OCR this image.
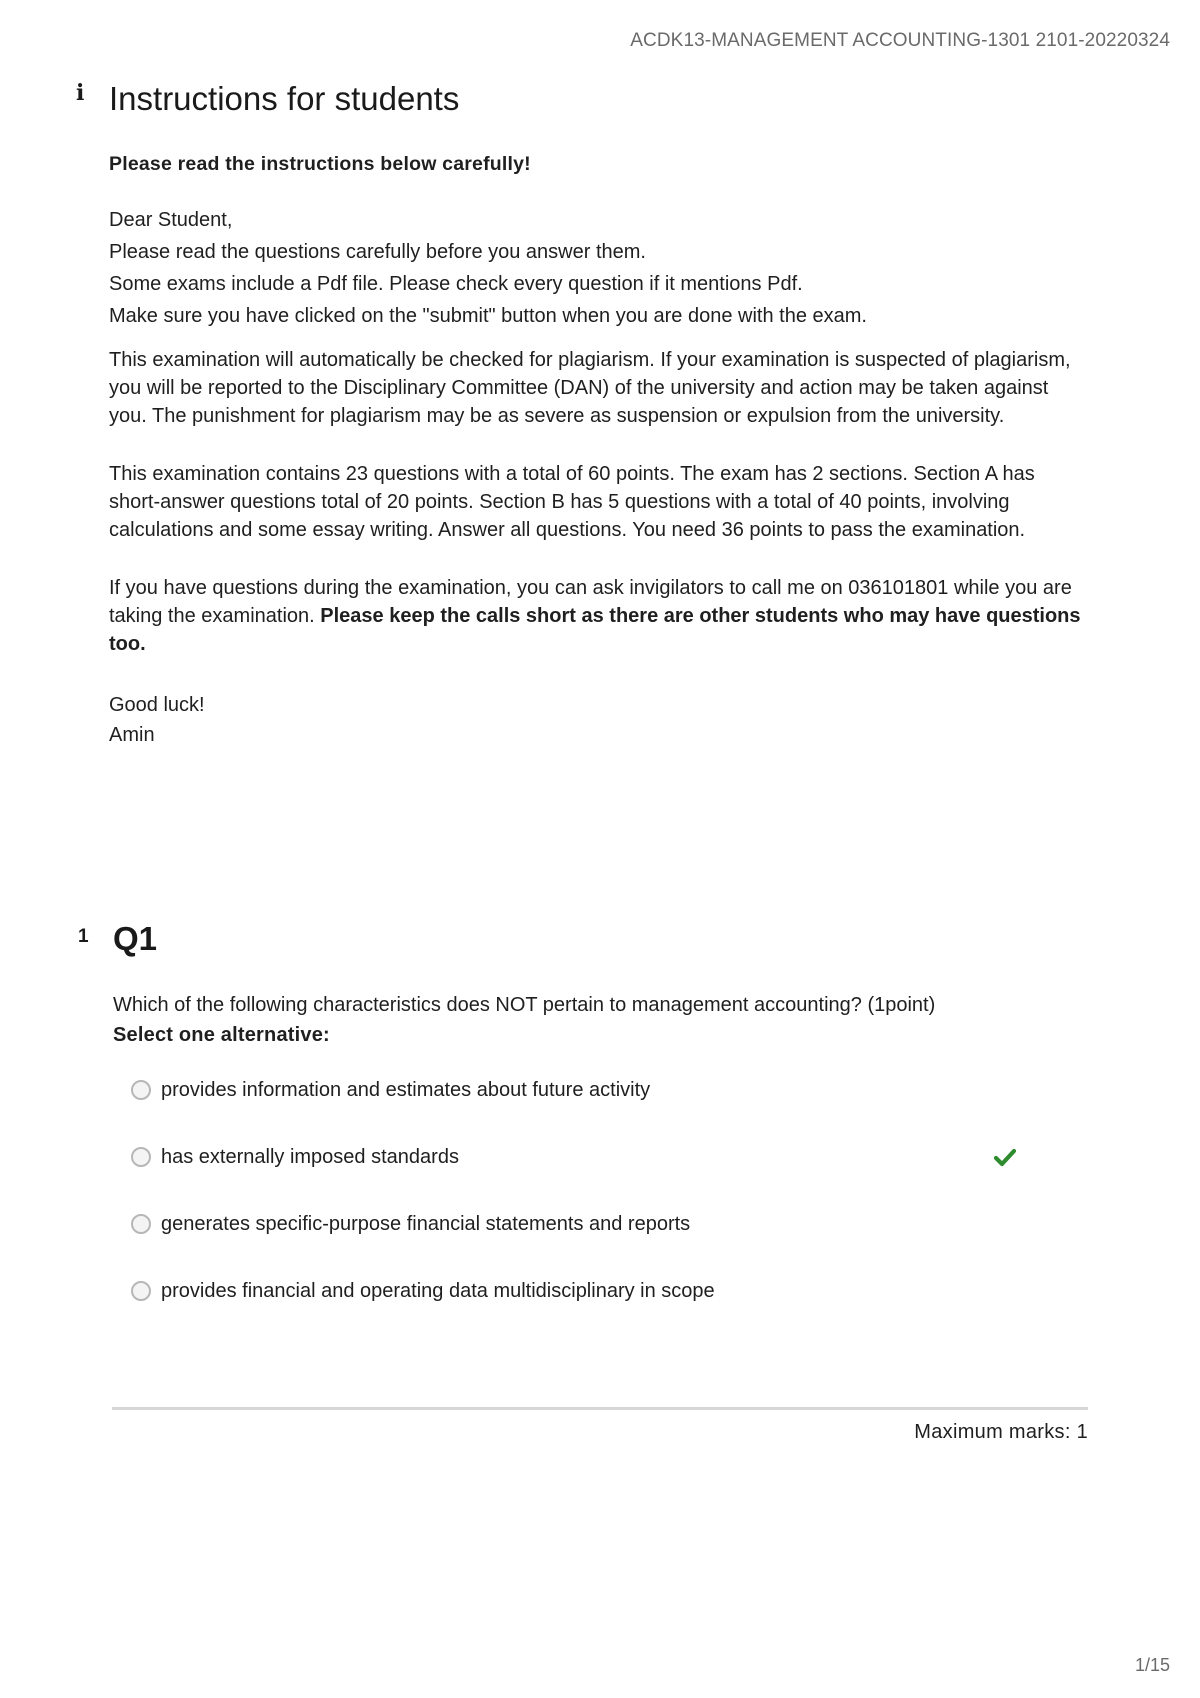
ACDK13-MANAGEMENT ACCOUNTING-1301 2101-20220324
i Instructions for students
Please read the instructions below carefully!
Dear Student,
Please read the questions carefully before you answer them.
Some exams include a Pdf file. Please check every question if it mentions Pdf.
Make sure you have clicked on the "submit" button when you are done with the exam.

This examination will automatically be checked for plagiarism. If your examination is suspected of plagiarism, you will be reported to the Disciplinary Committee (DAN) of the university and action may be taken against you. The punishment for plagiarism may be as severe as suspension or expulsion from the university.

This examination contains 23 questions with a total of 60 points. The exam has 2 sections. Section A has short-answer questions total of 20 points. Section B has 5 questions with a total of 40 points, involving calculations and some essay writing. Answer all questions. You need 36 points to pass the examination.

If you have questions during the examination, you can ask invigilators to call me on 036101801 while you are taking the examination. Please keep the calls short as there are other students who may have questions too.

Good luck!
Amin
1 Q1
Which of the following characteristics does NOT pertain to management accounting? (1point)
Select one alternative:
provides information and estimates about future activity
has externally imposed standards
generates specific-purpose financial statements and reports
provides financial and operating data multidisciplinary in scope
Maximum marks: 1
1/15
